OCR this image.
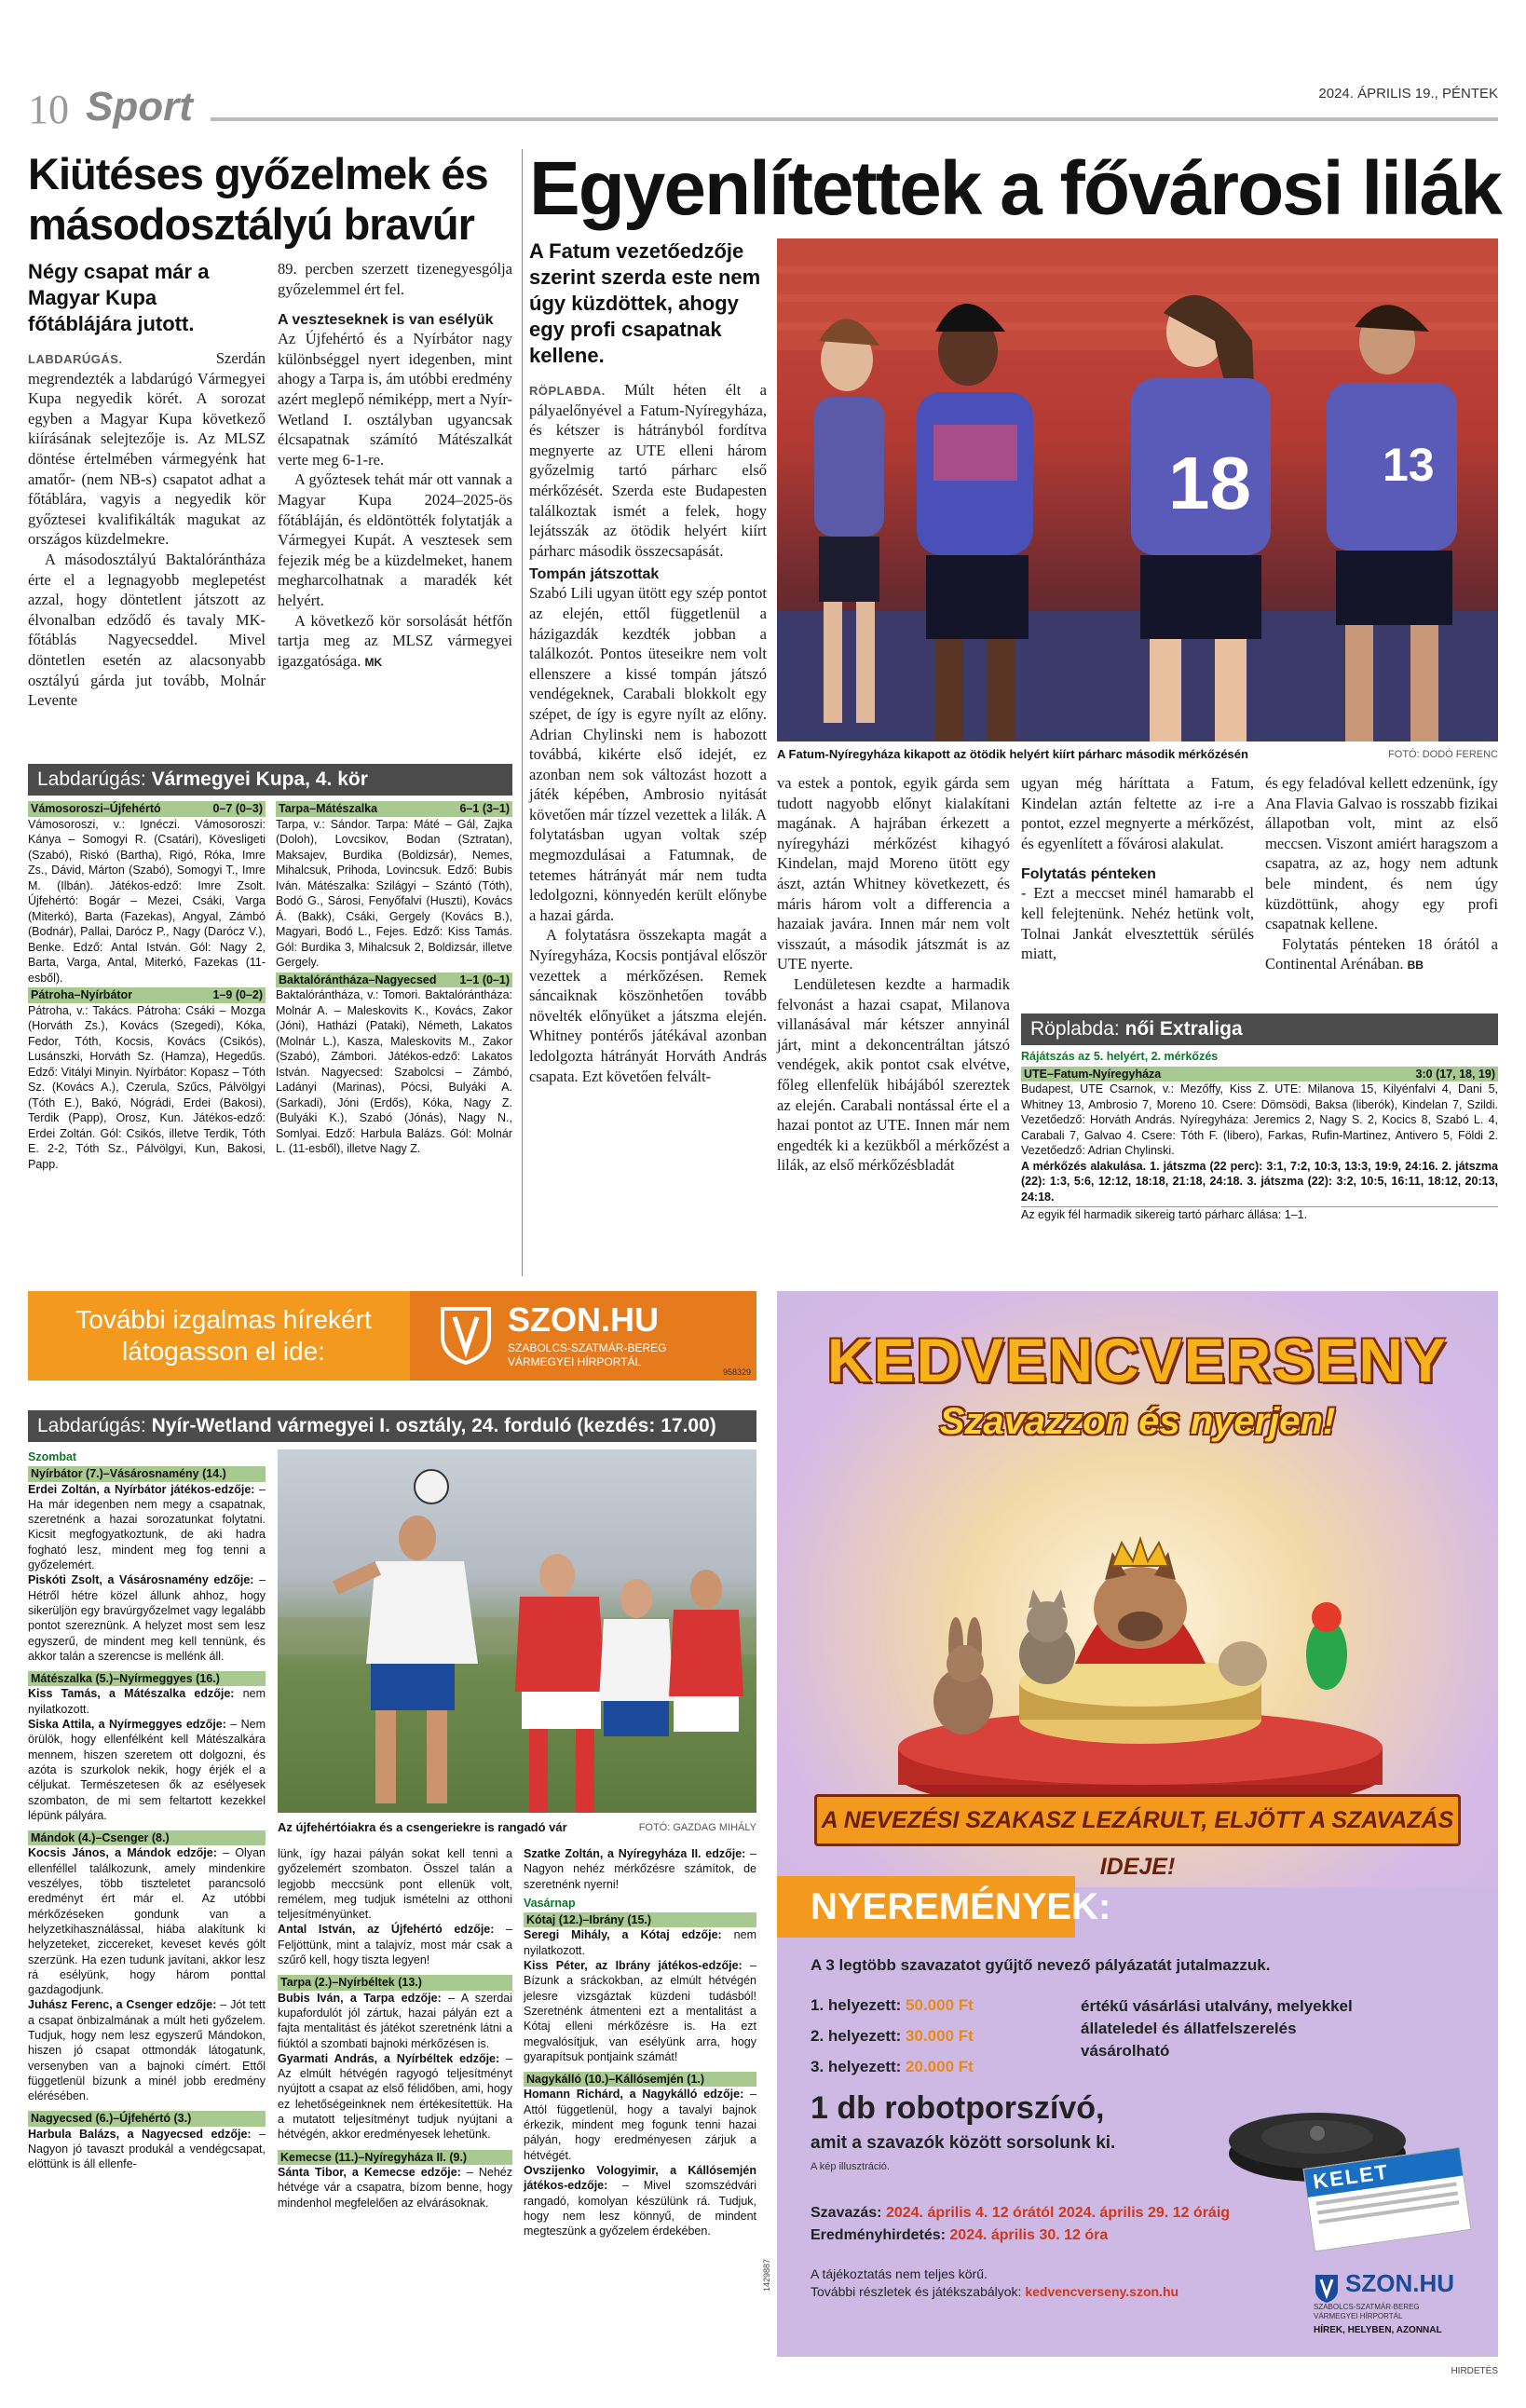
10 Sport	2024. ÁPRILIS 19., PÉNTEK
Kiütéses győzelmek és másodosztályú bravúr
Négy csapat már a Magyar Kupa főtáblájára jutott.

LABDARÚGÁS.	Szerdán megrendezték a labdarúgó Vármegyei Kupa negyedik körét. A sorozat egyben a Magyar Kupa következő kiírásának selejtezője is. Az MLSZ döntése értelmében vármegyénk hat amatőr- (nem NB-s) csapatot adhat a főtáblára, vagyis a negyedik kör győztesei kvalifikálták magukat az országos küzdelmekre.

A másodosztályú Baktalórántháza érte el a legnagyobb meglepetést azzal, hogy döntetlent játszott az élvonalban edződő és tavaly MK-főtáblás Nagyecseddel. Mivel döntetlen esetén az alacsonyabb osztályú gárda jut tovább, Molnár Levente

89. percben szerzett tizenegyesgólja győzelemmel ért fel.

A veszteseknek is van esélyük

Az Újfehértó és a Nyírbátor nagy különbséggel nyert idegenben, mint ahogy a Tarpa is, ám utóbbi eredmény azért meglepő némiképp, mert a Nyír-Wetland I. osztályban ugyancsak élcsapatnak számító Mátészalkát verte meg 6-1-re.

A győztesek tehát már ott vannak a Magyar Kupa 2024–2025-ös főtábláján, és eldöntötték folytatják a Vármegyei Kupát. A vesztesek sem fejezik még be a küzdelmeket, hanem megharcolhatnak a maradék két helyért.

A következő kör sorsolását hétfőn tartja meg az MLSZ vármegyei igazgatósága. MK

Labdarúgás: Vármegyei Kupa, 4. kör
Vámosoroszi–Újfehértó	0–7 (0–3)

Vámosoroszi, v.: Ignéczi. Vámosoroszi: Kánya – Somogyi R. (Csatári), Kövesligeti (Szabó), Riskó (Bartha), Rigó, Róka, Imre Zs., Dávid, Márton (Szabó), Somogyi T., Imre M. (Ilbán). Játékos-edző: Imre Zsolt. Újfehértó: Bogár – Mezei, Csáki, Varga (Miterkó), Barta (Fazekas), Angyal, Zámbó (Bodnár), Pallai, Darócz P., Nagy (Darócz V.), Benke. Edző: Antal István. Gól: Nagy 2, Barta, Varga, Antal, Miterkó, Fazekas (11-esből).

Pátroha–Nyírbátor	1–9 (0–2)

Pátroha, v.: Takács. Pátroha: Csáki – Mozga (Horváth Zs.), Kovács (Szegedi), Kóka, Fedor, Tóth, Kocsis, Kovács (Csikós), Lusánszki, Horváth Sz. (Hamza), Hegedűs. Edző: Vitályi Minyin. Nyírbátor: Kopasz – Tóth Sz. (Kovács A.), Czerula, Szűcs, Pálvölgyi (Tóth E.), Bakó, Nógrádi, Erdei (Bakosi), Terdik (Papp), Orosz, Kun. Játékos-edző: Erdei Zoltán. Gól: Csikós, illetve Terdik, Tóth E. 2-2, Tóth Sz., Pálvölgyi, Kun, Bakosi, Papp.

Tarpa–Mátészalka	6–1 (3–1)

Tarpa, v.: Sándor. Tarpa: Máté – Gál, Zajka (Doloh), Lovcsikov, Bodan (Sztratan), Maksajev, Burdika (Boldizsár), Nemes, Mihalcsuk, Prihoda, Lovincsuk. Edző: Bubis Iván. Mátészalka: Szilágyi – Szántó (Tóth), Bodó G., Sárosi, Fenyőfalvi (Huszti), Kovács Á. (Bakk), Csáki, Gergely (Kovács B.), Magyari, Bodó L., Fejes. Edző: Kiss Tamás. Gól: Burdika 3, Mihalcsuk 2, Boldizsár, illetve Gergely.

Baktalórántháza–Nagyecsed 1–1 (0–1)

Baktalórántháza, v.: Tomori. Baktalórántháza: Molnár A. – Maleskovits K., Kovács, Zakor (Jóni), Hatházi (Pataki), Németh, Lakatos (Molnár L.), Kasza, Maleskovits M., Zakor (Szabó), Zámbori. Játékos-edző: Lakatos István. Nagyecsed: Szabolcsi – Zámbó, Ladányi (Marinas), Pócsi, Bulyáki A. (Sarkadi), Jóni (Erdős), Kóka, Nagy Z. (Bulyáki K.), Szabó (Jónás), Nagy N., Somlyai. Edző: Harbula Balázs. Gól: Molnár L. (11-esből), illetve Nagy Z.

Egyenlítettek a fővárosi lilák
A Fatum vezetőedzője szerint szerda este nem úgy küzdöttek, ahogy egy profi csapatnak kellene.

RÖPLABDA. Múlt héten élt a pályaelőnyével a Fatum-Nyíregyháza, és kétszer is hátrányból fordítva megnyerte az UTE elleni három győzelmig tartó párharc első mérkőzését. Szerda este Budapesten találkoztak ismét a felek, hogy lejátsszák az ötödik helyért kiírt párharc második összecsapását.

Tompán játszottak

Szabó Lili ugyan ütött egy szép pontot az elején, ettől függetlenül a házigazdák kezdték jobban a találkozót. Pontos üteseikre nem volt ellenszere a kissé tompán játszó vendégeknek, Carabali blokkolt egy szépet, de így is egyre nyílt az előny. Adrian Chylinski nem is habozott továbbá, kikérte első idejét, ez azonban nem sok változást hozott a játék képében, Ambrosio nyitását követően már tízzel vezettek a lilák. A folytatásban ugyan voltak szép megmozdulásai a Fatumnak, de tetemes hátrányát már nem tudta ledolgozni, könnyedén került előnybe a hazai gárda.

A folytatásra összekapta magát a Nyíregyháza, Kocsis pontjával először vezettek a mérkőzésen. Remek sáncaiknak köszönhetően tovább növelték előnyüket a játszma elején. Whitney pontérős játékával azonban ledolgozta hátrányát Horváth András csapata. Ezt követően felvált-

18	13
A Fatum-Nyíregyháza kikapott az ötödik helyért kiírt párharc második mérkőzésén	FOTÓ: DODÓ FERENC

va estek a pontok, egyik gárda sem tudott nagyobb előnyt kialakítani magának. A hajrában érkezett a nyíregyházi mérkőzést kihagyó Kindelan, majd Moreno ütött egy ászt, aztán Whitney következett, és máris három volt a differencia a hazaiak javára. Innen már nem volt visszaút, a második játszmát is az UTE nyerte.

Lendületesen kezdte a harmadik felvonást a hazai csapat, Milanova villanásával már kétszer annyinál járt, mint a dekoncentráltan játszó vendégek, akik pontot csak elvétve, főleg ellenfelük hibájából szereztek az elején. Carabali nontással érte el a hazai pontot az UTE. Innen már nem engedték ki a kezükből a mérkőzést a lilák, az első mérkőzésbladát

ugyan még háríttata a Fatum, Kindelan aztán feltette az i-re a pontot, ezzel megnyerte a mérkőzést, és egyenlített a fővárosi alakulat.

Folytatás pénteken

- Ezt a meccset minél hamarabb el kell felejtenünk. Nehéz hetünk volt, Tolnai Jankát elvesztettük sérülés miatt,

és egy feladóval kellett edzenünk, így Ana Flavia Galvao is rosszabb fizikai állapotban volt, mint az első meccsen. Viszont amiért haragszom a csapatra, az az, hogy nem adtunk bele mindent, és nem úgy küzdöttünk, ahogy egy profi csapatnak kellene.

Folytatás pénteken 18 órától a Continental Arénában. BB

Röplabda: női Extraliga
Rájátszás az 5. helyért, 2. mérkőzés
UTE–Fatum-Nyíregyháza	3:0 (17, 18, 19)

Budapest, UTE Csarnok, v.: Mezőffy, Kiss Z. UTE: Milanova 15, Kilyénfalvi 4, Dani 5, Whitney 13, Ambrosio 7, Moreno 10. Csere: Dömsödi, Baksa (liberók), Kindelan 7, Szildi. Vezetőedző: Horváth András. Nyíregyháza: Jeremics 2, Nagy S. 2, Kocics 8, Szabó L. 4, Carabali 7, Galvao 4. Csere: Tóth F. (libero), Farkas, Rufin-Martinez, Antivero 5, Földi 2. Vezetőedző: Adrian Chylinski.

A mérkőzés alakulása. 1. játszma (22 perc): 3:1, 7:2, 10:3, 13:3, 19:9, 24:16. 2. játszma (22): 1:3, 5:6, 12:12, 18:18, 21:18, 24:18. 3. játszma (22): 3:2, 10:5, 16:11, 18:12, 20:13, 24:18.

Az egyik fél harmadik sikereig tartó párharc állása: 1–1.

További izgalmas hírekért
látogasson el ide:
SZON.HU
SZABOLCS-SZATMÁR-BEREG
VÁRMEGYEI HÍRPORTÁL
958329
Labdarúgás: Nyír-Wetland vármegyei I. osztály, 24. forduló (kezdés: 17.00)
Szombat
Nyírbátor (7.)–Vásárosnamény (14.)

Erdei Zoltán, a Nyírbátor játékos-edzője: – Ha már idegenben nem megy a csapatnak, szeretnénk a hazai sorozatunkat folytatni. Kicsit megfogyatkoztunk, de aki hadra fogható lesz, mindent meg fog tenni a győzelemért.

Piskóti Zsolt, a Vásárosnamény edzője: – Hétről hétre közel állunk ahhoz, hogy sikerüljön egy bravúrgyőzelmet vagy legalább pontot szereznünk. A helyzet most sem lesz egyszerű, de mindent meg kell tennünk, és akkor talán a szerencse is mellénk áll.

Mátészalka (5.)–Nyírmeggyes (16.)

Kiss Tamás, a Mátészalka edzője: nem nyilatkozott.

Siska Attila, a Nyírmeggyes edzője: – Nem örülök, hogy ellenfélként kell Mátészalkára mennem, hiszen szeretem ott dolgozni, és azóta is szurkolok nekik, hogy érjék el a céljukat. Természetesen ők az esélyesek szombaton, de mi sem feltartott kezekkel lépünk pályára.

Mándok (4.)–Csenger (8.)

Kocsis János, a Mándok edzője: – Olyan ellenféllel találkozunk, amely mindenkire veszélyes, több tiszteletet parancsoló eredményt ért már el. Az utóbbi mérkőzéseken gondunk van a helyzetkihasználással, hiába alakítunk ki helyzeteket, ziccereket, keveset kevés gólt szerzünk. Ha ezen tudunk javítani, akkor lesz rá esélyünk, hogy három ponttal gazdagodjunk.

Juhász Ferenc, a Csenger edzője: – Jót tett a csapat önbizalmának a múlt heti győzelem. Tudjuk, hogy nem lesz egyszerű Mándokon, hiszen jó csapat ottmondák látogatunk, versenyben van a bajnoki címért. Ettől függetlenül bízunk a minél jobb eredmény elérésében.

Nagyecsed (6.)–Újfehértó (3.)

Harbula Balázs, a Nagyecsed edzője: – Nagyon jó tavaszt produkál a vendégcsapat, elöttünk is áll ellenfe-

Az újfehértóiakra és a csengeriekre is rangadó vár	FOTÓ: GAZDAG MIHÁLY

lünk, így hazai pályán sokat kell tenni a győzelemért szombaton. Összel talán a legjobb meccsünk pont ellenük volt, remélem, meg tudjuk ismételni az otthoni teljesítményünket.

Antal István, az Újfehértó edzője: – Feljöttünk, mint a talajvíz, most már csak a szűrő kell, hogy tiszta legyen!

Tarpa (2.)–Nyírbéltek (13.)

Bubis Iván, a Tarpa edzője: – A szerdai kupafordulót jól zártuk, hazai pályán ezt a fajta mentalitást és játékot szeretnénk látni a fiúktól a szombati bajnoki mérkőzésen is.

Gyarmati András, a Nyírbéltek edzője: – Az elmúlt hétvégén ragyogó teljesítményt nyújtott a csapat az első félidőben, ami, hogy ez lehetőségeinknek nem értékesítettük. Ha a mutatott teljesítményt tudjuk nyújtani a hétvégén, akkor eredményesek lehetünk.

Kemecse (11.)–Nyíregyháza II. (9.)

Sánta Tibor, a Kemecse edzője: – Nehéz hétvége vár a csapatra, bízom benne, hogy mindenhol megfelelően az elvárásoknak.

Szatke Zoltán, a Nyíregyháza II. edzője: – Nagyon nehéz mérkőzésre számítok, de szeretnénk nyerni!

Vasárnap
Kótaj (12.)–Ibrány (15.)

Seregi Mihály, a Kótaj edzője: nem nyilatkozott.

Kiss Péter, az Ibrány játékos-edzője: – Bízunk a sráckokban, az elmúlt hétvégén jelesre vizsgáztak küzdeni tudásból! Szeretnénk átmenteni ezt a mentalitást a Kótaj elleni mérkőzésre is. Ha ezt megvalósítjuk, van esélyünk arra, hogy gyarapítsuk pontjaink számát!

Nagykálló (10.)–Kállósemjén (1.)

Homann Richárd, a Nagykálló edzője: – Attól függetlenül, hogy a tavalyi bajnok érkezik, mindent meg fogunk tenni hazai pályán, hogy eredményesen zárjuk a hétvégét.

Ovszijenko Vologyimir, a Kállósemjén játékos-edzője: – Mivel szomszédvári rangadó, komolyan készülünk rá. Tudjuk, hogy nem lesz könnyű, de mindent megteszünk a győzelem érdekében.

1429887
KEDVENCVERSENY
Szavazzon és nyerjen!
A NEVEZÉSI SZAKASZ LEZÁRULT, ELJÖTT A SZAVAZÁS IDEJE!
NYEREMÉNYEK:
A 3 legtöbb szavazatot gyűjtő nevező pályázatát jutalmazzuk.
1. helyezett: 50.000 Ft
2. helyezett: 30.000 Ft
3. helyezett: 20.000 Ft
értékű vásárlási utalvány, melyekkel állateledel és állatfelszerelés vásárolható
1 db robotporszívó,
amit a szavazók között sorsolunk ki.
A kép illusztráció.	KELET
Szavazás: 2024. április 4. 12 órától 2024. április 29. 12 óráig
Eredményhirdetés: 2024. április 30. 12 óra
A tájékoztatás nem teljes körű.
További részletek és játékszabályok: kedvencverseny.szon.hu	SZON.HU
SZABOLCS-SZATMÁR-BEREG
VÁRMEGYEI HÍRPORTÁL
HÍREK, HELYBEN, AZONNAL
HIRDETÉS
